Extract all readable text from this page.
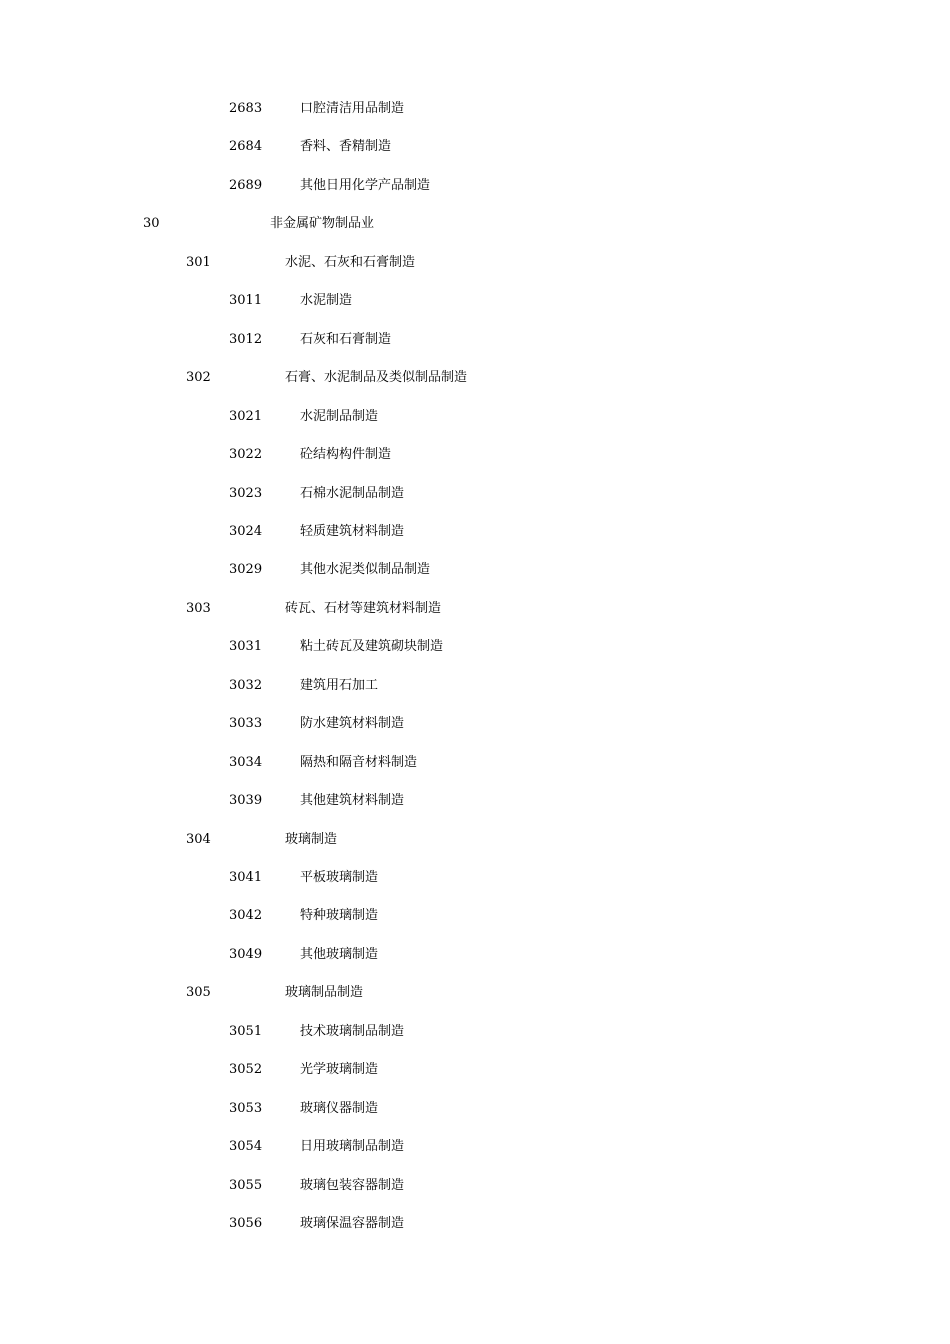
2683	口腔清洁用品制造
2684	香料、香精制造
2689	其他日用化学产品制造
30	非金属矿物制品业
301	水泥、石灰和石膏制造
3011	水泥制造
3012	石灰和石膏制造
302	石膏、水泥制品及类似制品制造
3021	水泥制品制造
3022	砼结构构件制造
3023	石棉水泥制品制造
3024	轻质建筑材料制造
3029	其他水泥类似制品制造
303	砖瓦、石材等建筑材料制造
3031	粘土砖瓦及建筑砌块制造
3032	建筑用石加工
3033	防水建筑材料制造
3034	隔热和隔音材料制造
3039	其他建筑材料制造
304	玻璃制造
3041	平板玻璃制造
3042	特种玻璃制造
3049	其他玻璃制造
305	玻璃制品制造
3051	技术玻璃制品制造
3052	光学玻璃制造
3053	玻璃仪器制造
3054	日用玻璃制品制造
3055	玻璃包装容器制造
3056	玻璃保温容器制造
